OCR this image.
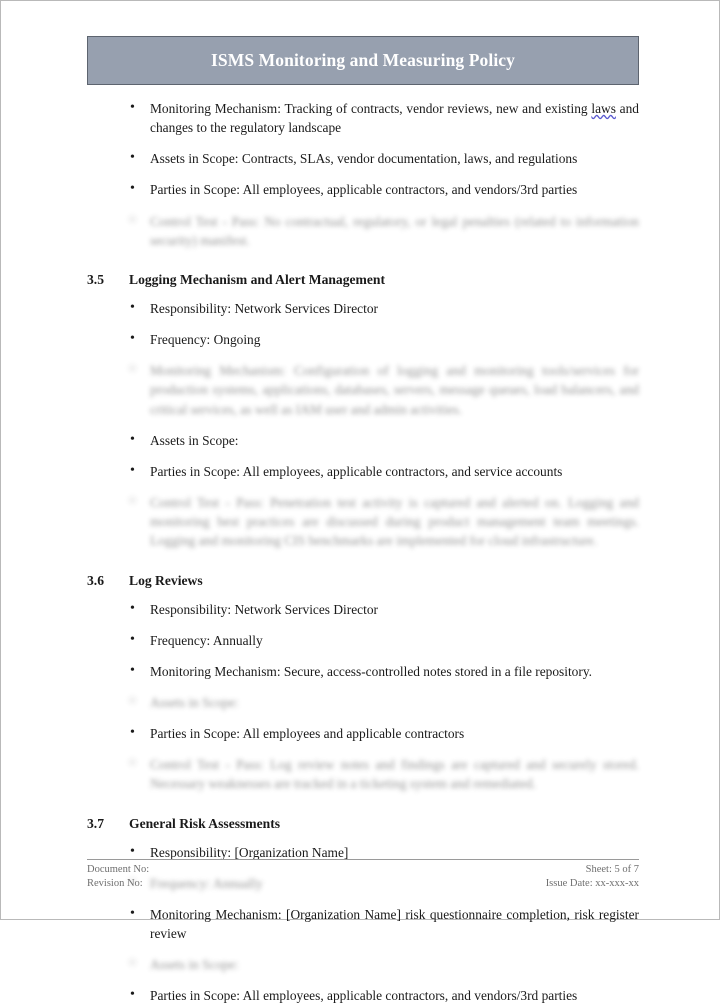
ISMS Monitoring and Measuring Policy
• Monitoring Mechanism: Tracking of contracts, vendor reviews, new and existing laws and changes to the regulatory landscape
• Assets in Scope: Contracts, SLAs, vendor documentation, laws, and regulations
• Parties in Scope: All employees, applicable contractors, and vendors/3rd parties
• Control Test - Pass: No contractual, regulatory, or legal penalties (related to information security) manifest.
3.5	Logging Mechanism and Alert Management
• Responsibility: Network Services Director
• Frequency: Ongoing
• Monitoring Mechanism: Configuration of logging and monitoring tools/services for production systems, applications, databases, servers, message queues, load balancers, and critical services, as well as IAM user and admin activities.
• Assets in Scope:
• Parties in Scope: All employees, applicable contractors, and service accounts
• Control Test - Pass: Penetration test activity is captured and alerted on. Logging and monitoring best practices are discussed during product management team meetings. Logging and monitoring CIS benchmarks are implemented for cloud infrastructure.
3.6	Log Reviews
• Responsibility: Network Services Director
• Frequency: Annually
• Monitoring Mechanism: Secure, access-controlled notes stored in a file repository.
• Assets in Scope:
• Parties in Scope: All employees and applicable contractors
• Control Test - Pass: Log review notes and findings are captured and securely stored. Necessary weaknesses are tracked in a ticketing system and remediated.
3.7	General Risk Assessments
• Responsibility: [Organization Name]
• Frequency: Annually
• Monitoring Mechanism: [Organization Name] risk questionnaire completion, risk register review
• Assets in Scope:
• Parties in Scope: All employees, applicable contractors, and vendors/3rd parties
Document No:
Revision No:
Sheet: 5 of 7
Issue Date: xx-xxx-xx
